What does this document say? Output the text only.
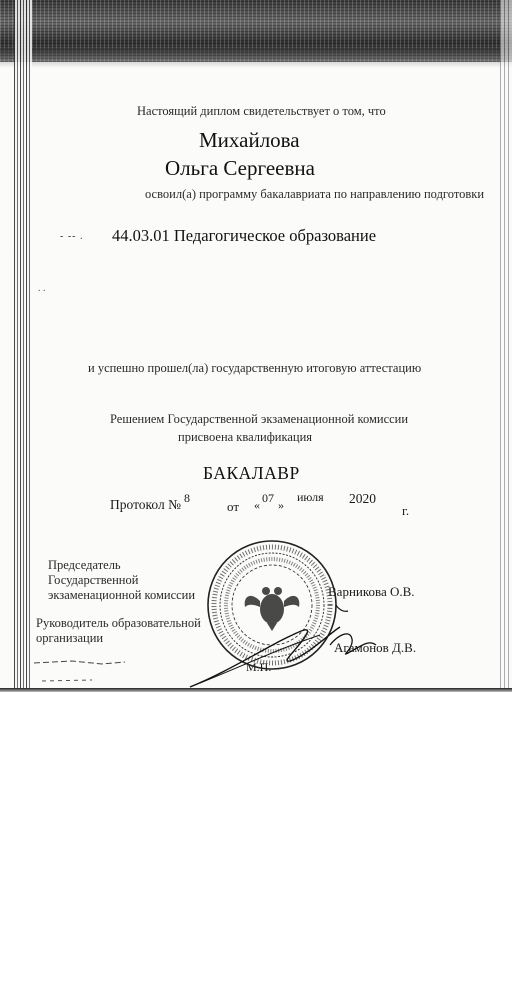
Настоящий диплом свидетельствует о том, что
Михайлова
Ольга Сергеевна
освоил(а) программу бакалавриата по направлению подготовки
- -- . 44.03.01 Педагогическое образование
. .
и успешно прошел(ла) государственную итоговую аттестацию
Решением Государственной экзаменационной комиссии
присвоена квалификация
БАКАЛАВР
Протокол № 8
от « 07 »
июля 2020
г.
Председатель
Государственной
экзаменационной комиссии	Варникова О.В.
Руководитель образовательной
организации
Агамонов Д.В.
М.П.
